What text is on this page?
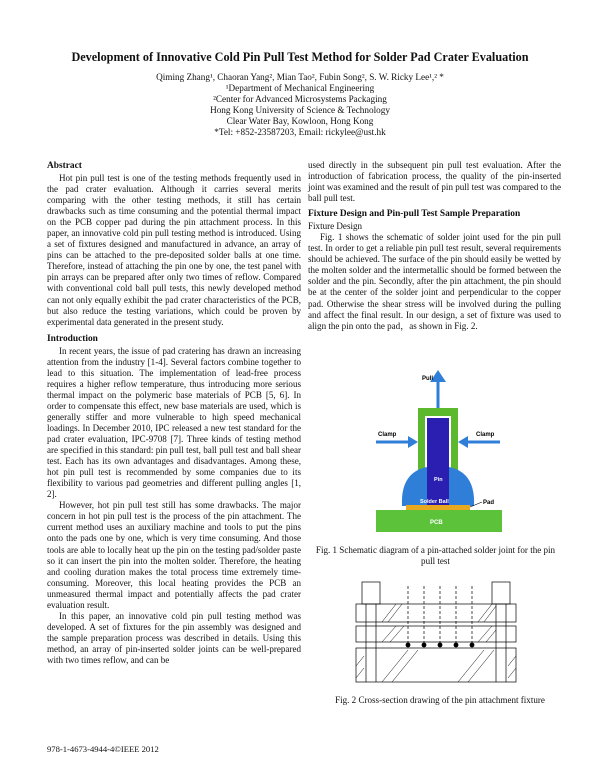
Development of Innovative Cold Pin Pull Test Method for Solder Pad Crater Evaluation
Qiming Zhang¹, Chaoran Yang², Mian Tao², Fubin Song², S. W. Ricky Lee¹,² *
¹Department of Mechanical Engineering
²Center for Advanced Microsystems Packaging
Hong Kong University of Science & Technology
Clear Water Bay, Kowloon, Hong Kong
*Tel: +852-23587203, Email: rickylee@ust.hk
Abstract

Hot pin pull test is one of the testing methods frequently used in the pad crater evaluation. Although it carries several merits comparing with the other testing methods, it still has certain drawbacks such as time consuming and the potential thermal impact on the PCB copper pad during the pin attachment process. In this paper, an innovative cold pin pull testing method is introduced. Using a set of fixtures designed and manufactured in advance, an array of pins can be attached to the pre-deposited solder balls at one time. Therefore, instead of attaching the pin one by one, the test panel with pin arrays can be prepared after only two times of reflow. Compared with conventional cold ball pull tests, this newly developed method can not only equally exhibit the pad crater characteristics of the PCB, but also reduce the testing variations, which could be proven by experimental data generated in the present study.

Introduction

In recent years, the issue of pad cratering has drawn an increasing attention from the industry [1-4]. Several factors combine together to lead to this situation. The implementation of lead-free process requires a higher reflow temperature, thus introducing more serious thermal impact on the polymeric base materials of PCB [5, 6]. In order to compensate this effect, new base materials are used, which is generally stiffer and more vulnerable to high speed mechanical loadings. In December 2010, IPC released a new test standard for the pad crater evaluation, IPC-9708 [7]. Three kinds of testing method are specified in this standard: pin pull test, ball pull test and ball shear test. Each has its own advantages and disadvantages. Among these, hot pin pull test is recommended by some companies due to its flexibility to various pad geometries and different pulling angles [1, 2].

However, hot pin pull test still has some drawbacks. The major concern in hot pin pull test is the process of the pin attachment. The current method uses an auxiliary machine and tools to put the pins onto the pads one by one, which is very time consuming. And those tools are able to locally heat up the pin on the testing pad/solder paste so it can insert the pin into the molten solder. Therefore, the heating and cooling duration makes the total process time extremely time-consuming. Moreover, this local heating provides the PCB an unmeasured thermal impact and potentially affects the pad crater evaluation result.

In this paper, an innovative cold pin pull testing method was developed. A set of fixtures for the pin assembly was designed and the sample preparation process was described in details. Using this method, an array of pin-inserted solder joints can be well-prepared with two times reflow, and can be

used directly in the subsequent pin pull test evaluation. After the introduction of fabrication process, the quality of the pin-inserted joint was examined and the result of pin pull test was compared to the ball pull test.

Fixture Design and Pin-pull Test Sample Preparation

Fixture Design

Fig. 1 shows the schematic of solder joint used for the pin pull test. In order to get a reliable pin pull test result, several requirements should be achieved. The surface of the pin should easily be wetted by the molten solder and the intermetallic should be formed between the solder and the pin. Secondly, after the pin attachment, the pin should be at the center of the solder joint and perpendicular to the copper pad. Otherwise the shear stress will be involved during the pulling and affect the final result. In our design, a set of fixture was used to align the pin onto the pad，as shown in Fig. 2.

Pull
Clamp	Clamp
Pin
Solder Ball	Pad
PCB
Fig. 1 Schematic diagram of a pin-attached solder joint for the pin pull test
Fig. 2 Cross-section drawing of the pin attachment fixture
978-1-4673-4944-4©IEEE 2012
